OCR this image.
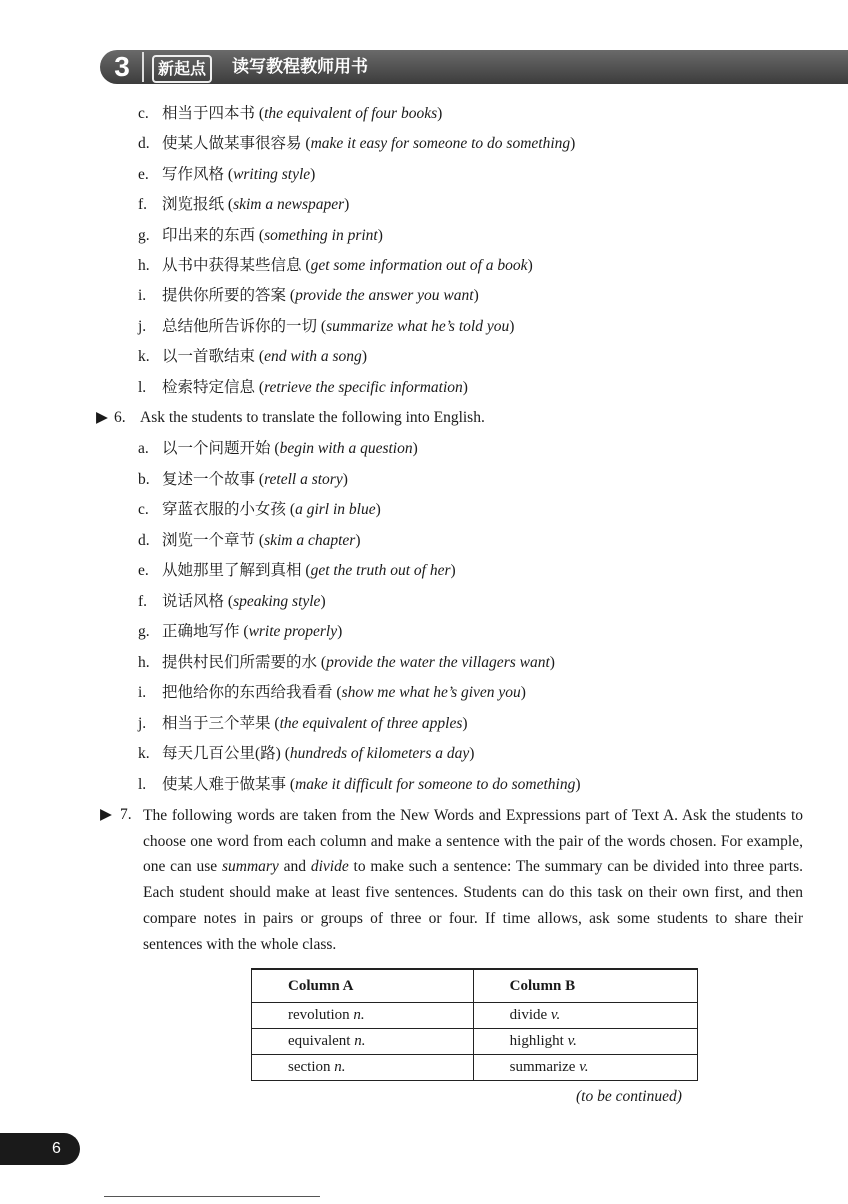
3	新起点	读写教程教师用书
c. 相当于四本书 (the equivalent of four books)
d. 使某人做某事很容易 (make it easy for someone to do something)
e. 写作风格 (writing style)
f. 浏览报纸 (skim a newspaper)
g. 印出来的东西 (something in print)
h. 从书中获得某些信息 (get some information out of a book)
i. 提供你所要的答案 (provide the answer you want)
j. 总结他所告诉你的一切 (summarize what he’s told you)
k. 以一首歌结束 (end with a song)
l. 检索特定信息 (retrieve the specific information)
▶ 6. Ask the students to translate the following into English.
a. 以一个问题开始 (begin with a question)
b. 复述一个故事 (retell a story)
c. 穿蓝衣服的小女孩 (a girl in blue)
d. 浏览一个章节 (skim a chapter)
e. 从她那里了解到真相 (get the truth out of her)
f. 说话风格 (speaking style)
g. 正确地写作 (write properly)
h. 提供村民们所需要的水 (provide the water the villagers want)
i. 把他给你的东西给我看看 (show me what he’s given you)
j. 相当于三个苹果 (the equivalent of three apples)
k. 每天几百公里(路) (hundreds of kilometers a day)
l. 使某人难于做某事 (make it difficult for someone to do something)
▶ 7. The following words are taken from the New Words and Expressions part of Text A. Ask the students to choose one word from each column and make a sentence with the pair of the words chosen. For example, one can use summary and divide to make such a sentence: The summary can be divided into three parts. Each student should make at least five sentences. Students can do this task on their own first, and then compare notes in pairs or groups of three or four. If time allows, ask some students to share their sentences with the whole class.
Column A	Column B
revolution n.	divide v.
equivalent n.	highlight v.
section n.	summarize v.
(to be continued)
6
